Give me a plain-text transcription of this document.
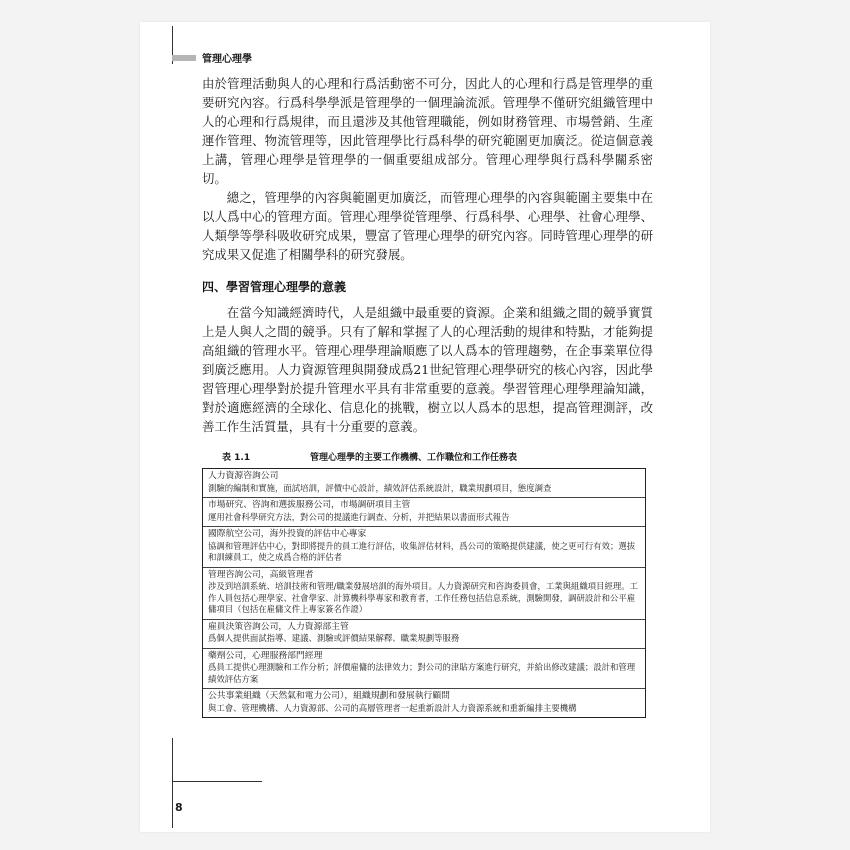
管理心理學

由於管理活動與人的心理和行爲活動密不可分，因此人的心理和行爲是管理學的重要研究內容。行爲科學學派是管理學的一個理論流派。管理學不僅研究組織管理中人的心理和行爲規律，而且還涉及其他管理職能，例如財務管理、市場營銷、生產運作管理、物流管理等，因此管理學比行爲科學的研究範圍更加廣泛。從這個意義上講，管理心理學是管理學的一個重要組成部分。管理心理學與行爲科學關系密切。

總之，管理學的內容與範圍更加廣泛，而管理心理學的內容與範圍主要集中在以人爲中心的管理方面。管理心理學從管理學、行爲科學、心理學、社會心理學、人類學等學科吸收研究成果，豐富了管理心理學的研究內容。同時管理心理學的研究成果又促進了相關學科的研究發展。

四、學習管理心理學的意義

在當今知識經濟時代，人是組織中最重要的資源。企業和組織之間的競爭實質上是人與人之間的競爭。只有了解和掌握了人的心理活動的規律和特點，才能夠提高組織的管理水平。管理心理學理論順應了以人爲本的管理趨勢，在企事業單位得到廣泛應用。人力資源管理與開發成爲21世紀管理心理學研究的核心內容，因此學習管理心理學對於提升管理水平具有非常重要的意義。學習管理心理學理論知識，對於適應經濟的全球化、信息化的挑戰，樹立以人爲本的思想，提高管理測評，改善工作生活質量，具有十分重要的意義。

表 1.1	管理心理學的主要工作機構、工作職位和工作任務表
人力資源咨詢公司
測驗的編制和實施，面試培訓，評價中心設計，績效評估系統設計，職業規劃項目，態度調查
市場研究、咨詢和選拔服務公司，市場調研項目主管
運用社會科學研究方法，對公司的提議進行調查、分析，并把結果以書面形式報告
國際航空公司，海外投資的評估中心專家
協調和管理評估中心，對即將提升的員工進行評估，收集評估材料，爲公司的策略提供建議，使之更可行有效；選拔和訓練員工，使之成爲合格的評估者
管理咨詢公司，高級管理者
涉及到培訓系統、培訓技術和管理/職業發展培訓的海外項目。人力資源研究和咨詢委員會，工業與組織項目經理。工作人員包括心理學家、社會學家、計算機科學專家和教育者，工作任務包括信息系統，測驗開發，調研設計和公平雇傭項目（包括在雇傭文件上專家簽名作證）
雇員決策咨詢公司，人力資源部主管
爲個人提供面試指導、建議、測驗或評價結果解釋、職業規劃等服務
藥劑公司，心理服務部門經理
爲員工提供心理測驗和工作分析；評價雇傭的法律效力；對公司的津貼方案進行研究，并給出修改建議；設計和管理績效評估方案
公共事業組織（天然氣和電力公司），組織規劃和發展執行顧問
與工會、管理機構、人力資源部、公司的高層管理者一起重新設計人力資源系統和重新編排主要機構
8
